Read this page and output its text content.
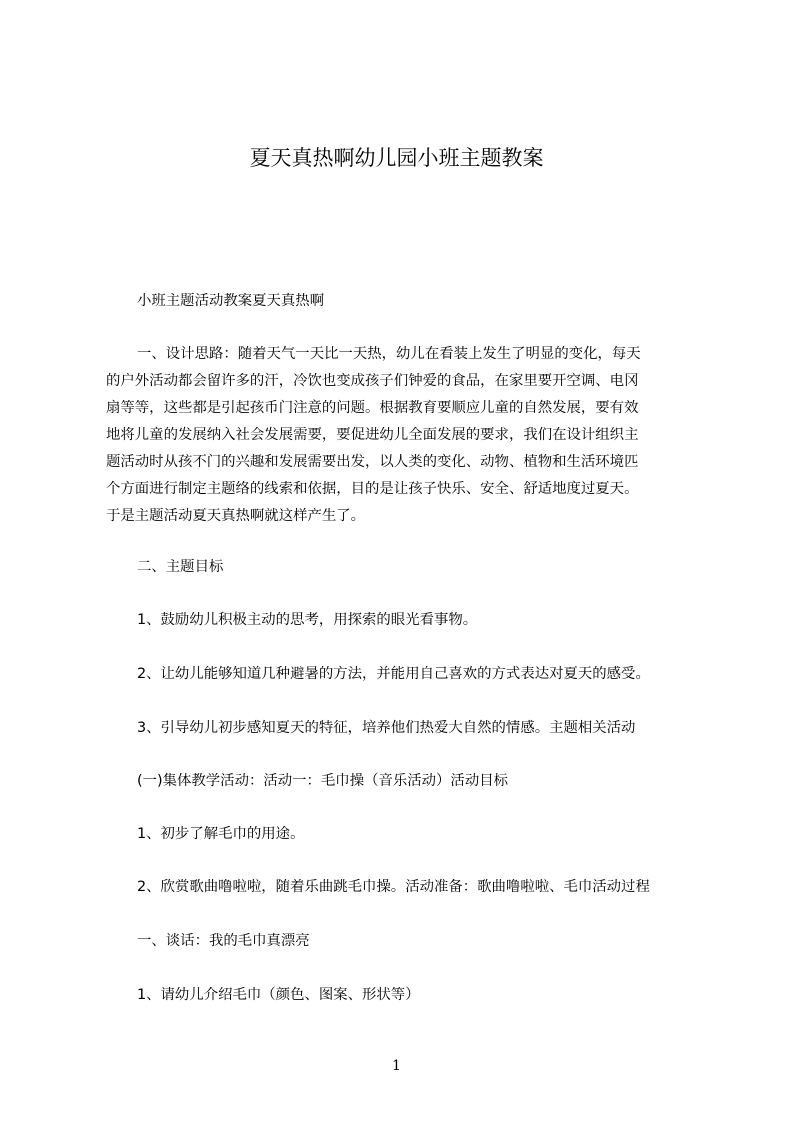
夏天真热啊幼儿园小班主题教案
小班主题活动教案夏天真热啊
一、设计思路：随着天气一天比一天热，幼儿在看装上发生了明显的变化，每天
的户外活动都会留许多的汗，冷饮也变成孩子们钟爱的食品，在家里要开空调、电冈
扇等等，这些都是引起孩币门注意的问题。根据教育要顺应儿童的自然发展，要有效
地将儿童的发展纳入社会发展需要，要促进幼儿全面发展的要求，我们在设计组织主
题活动时从孩不门的兴趣和发展需要出发，以人类的变化、动物、植物和生活环境匹
个方面进行制定主题络的线索和依据，目的是让孩子快乐、安全、舒适地度过夏天。
于是主题活动夏天真热啊就这样产生了。
二、主题目标
1、鼓励幼儿积极主动的思考，用探索的眼光看事物。
2、让幼儿能够知道几种避暑的方法，并能用自己喜欢的方式表达对夏天的感受。
3、引导幼儿初步感知夏天的特征，培养他们热爱大自然的情感。主题相关活动
(一)集体教学活动：活动一：毛巾操（音乐活动）活动目标
1、初步了解毛巾的用途。
2、欣赏歌曲噜啦啦，随着乐曲跳毛巾操。活动准备：歌曲噜啦啦、毛巾活动过程
一、谈话：我的毛巾真漂亮
1、请幼儿介绍毛巾（颜色、图案、形状等）
1
